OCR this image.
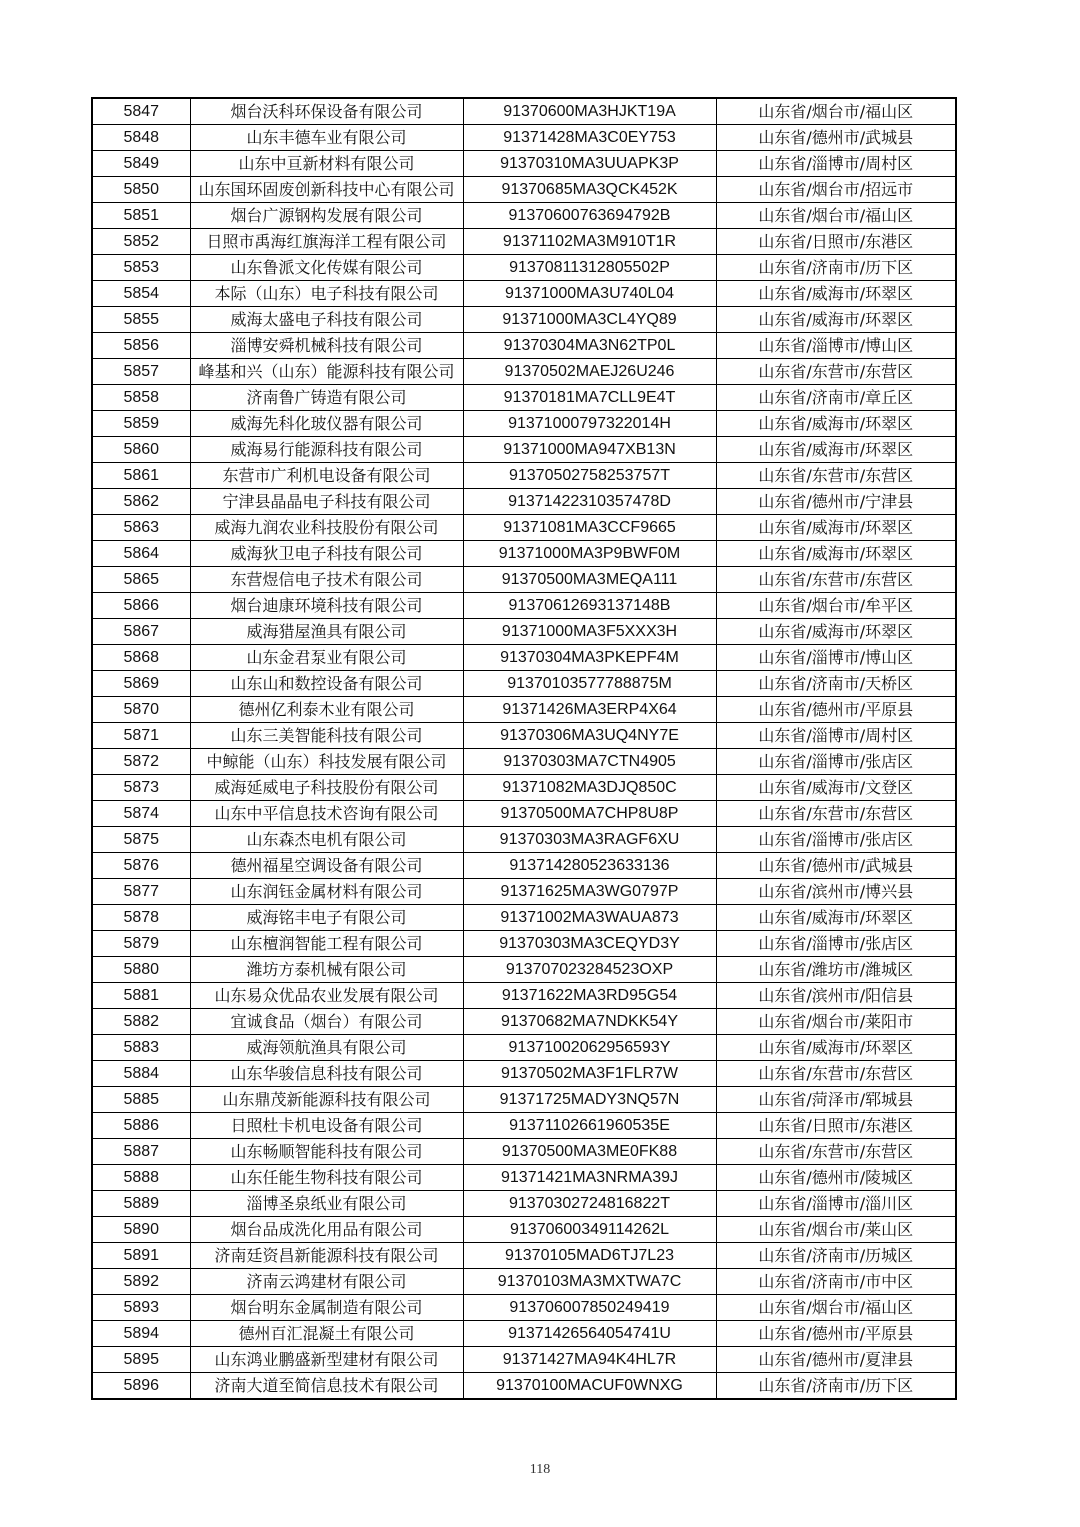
5847	烟台沃科环保设备有限公司	91370600MA3HJKT19A	山东省/烟台市/福山区
5848	山东丰德车业有限公司	91371428MA3C0EY753	山东省/德州市/武城县
5849	山东中亘新材料有限公司	91370310MA3UUAPK3P	山东省/淄博市/周村区
5850	山东国环固废创新科技中心有限公司	91370685MA3QCK452K	山东省/烟台市/招远市
5851	烟台广源钢构发展有限公司	91370600763694792B	山东省/烟台市/福山区
5852	日照市禹海红旗海洋工程有限公司	91371102MA3M910T1R	山东省/日照市/东港区
5853	山东鲁派文化传媒有限公司	91370811312805502P	山东省/济南市/历下区
5854	本际（山东）电子科技有限公司	91371000MA3U740L04	山东省/威海市/环翠区
5855	威海太盛电子科技有限公司	91371000MA3CL4YQ89	山东省/威海市/环翠区
5856	淄博安舜机械科技有限公司	91370304MA3N62TP0L	山东省/淄博市/博山区
5857	峰基和兴（山东）能源科技有限公司	91370502MAEJ26U246	山东省/东营市/东营区
5858	济南鲁广铸造有限公司	91370181MA7CLL9E4T	山东省/济南市/章丘区
5859	威海先科化玻仪器有限公司	91371000797322014H	山东省/威海市/环翠区
5860	威海易行能源科技有限公司	91371000MA947XB13N	山东省/威海市/环翠区
5861	东营市广利机电设备有限公司	91370502758253757T	山东省/东营市/东营区
5862	宁津县晶晶电子科技有限公司	91371422310357478D	山东省/德州市/宁津县
5863	威海九润农业科技股份有限公司	91371081MA3CCF9665	山东省/威海市/环翠区
5864	威海狄卫电子科技有限公司	91371000MA3P9BWF0M	山东省/威海市/环翠区
5865	东营煜信电子技术有限公司	91370500MA3MEQA111	山东省/东营市/东营区
5866	烟台迪康环境科技有限公司	91370612693137148B	山东省/烟台市/牟平区
5867	威海猎屋渔具有限公司	91371000MA3F5XXX3H	山东省/威海市/环翠区
5868	山东金君泵业有限公司	91370304MA3PKEPF4M	山东省/淄博市/博山区
5869	山东山和数控设备有限公司	91370103577788875M	山东省/济南市/天桥区
5870	德州亿利泰木业有限公司	91371426MA3ERP4X64	山东省/德州市/平原县
5871	山东三美智能科技有限公司	91370306MA3UQ4NY7E	山东省/淄博市/周村区
5872	中鲸能（山东）科技发展有限公司	91370303MA7CTN4905	山东省/淄博市/张店区
5873	威海延威电子科技股份有限公司	91371082MA3DJQ850C	山东省/威海市/文登区
5874	山东中平信息技术咨询有限公司	91370500MA7CHP8U8P	山东省/东营市/东营区
5875	山东森杰电机有限公司	91370303MA3RAGF6XU	山东省/淄博市/张店区
5876	德州福星空调设备有限公司	913714280523633136	山东省/德州市/武城县
5877	山东润钰金属材料有限公司	91371625MA3WG0797P	山东省/滨州市/博兴县
5878	威海铭丰电子有限公司	91371002MA3WAUA873	山东省/威海市/环翠区
5879	山东檀润智能工程有限公司	91370303MA3CEQYD3Y	山东省/淄博市/张店区
5880	潍坊方泰机械有限公司	913707023284523OXP	山东省/潍坊市/潍城区
5881	山东易众优品农业发展有限公司	91371622MA3RD95G54	山东省/滨州市/阳信县
5882	宜诚食品（烟台）有限公司	91370682MA7NDKK54Y	山东省/烟台市/莱阳市
5883	威海领航渔具有限公司	91371002062956593Y	山东省/威海市/环翠区
5884	山东华骏信息科技有限公司	91370502MA3F1FLR7W	山东省/东营市/东营区
5885	山东鼎茂新能源科技有限公司	91371725MADY3NQ57N	山东省/菏泽市/郓城县
5886	日照杜卡机电设备有限公司	91371102661960535E	山东省/日照市/东港区
5887	山东畅顺智能科技有限公司	91370500MA3ME0FK88	山东省/东营市/东营区
5888	山东任能生物科技有限公司	91371421MA3NRMA39J	山东省/德州市/陵城区
5889	淄博圣泉纸业有限公司	91370302724816822T	山东省/淄博市/淄川区
5890	烟台品成洗化用品有限公司	91370600349114262L	山东省/烟台市/莱山区
5891	济南廷资昌新能源科技有限公司	91370105MAD6TJ7L23	山东省/济南市/历城区
5892	济南云鸿建材有限公司	91370103MA3MXTWA7C	山东省/济南市/市中区
5893	烟台明东金属制造有限公司	913706007850249419	山东省/烟台市/福山区
5894	德州百汇混凝土有限公司	91371426564054741U	山东省/德州市/平原县
5895	山东鸿业鹏盛新型建材有限公司	91371427MA94K4HL7R	山东省/德州市/夏津县
5896	济南大道至简信息技术有限公司	91370100MACUF0WNXG	山东省/济南市/历下区
118
